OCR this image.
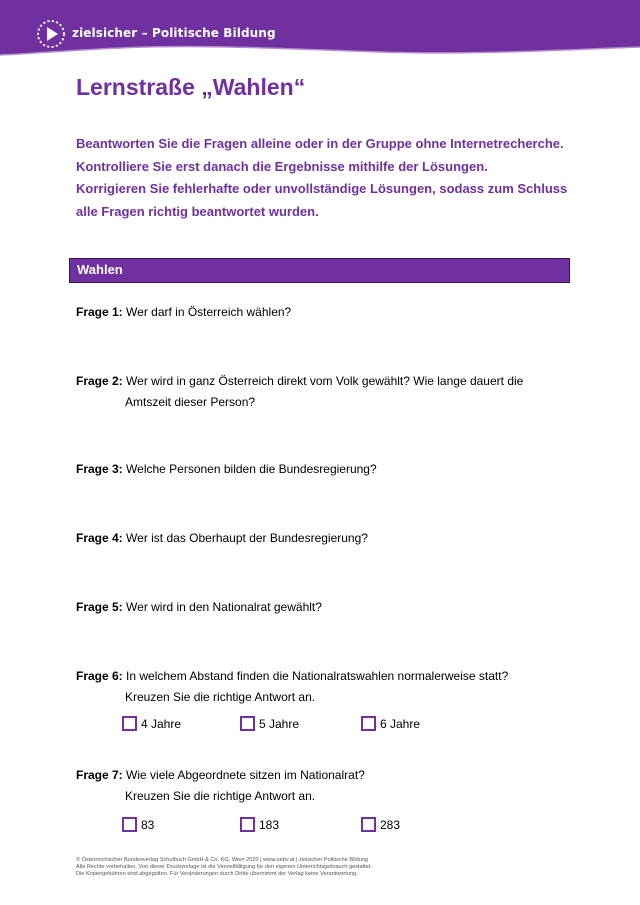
zielsicher – Politische Bildung
Lernstraße „Wahlen“

Beantworten Sie die Fragen alleine oder in der Gruppe ohne Internetrecherche.

Kontrolliere Sie erst danach die Ergebnisse mithilfe der Lösungen.

Korrigieren Sie fehlerhafte oder unvollständige Lösungen, sodass zum Schluss

alle Fragen richtig beantwortet wurden.

Wahlen
Frage 1: Wer darf in Österreich wählen?
Frage 2: Wer wird in ganz Österreich direkt vom Volk gewählt? Wie lange dauert die
Amtszeit dieser Person?
Frage 3: Welche Personen bilden die Bundesregierung?
Frage 4: Wer ist das Oberhaupt der Bundesregierung?
Frage 5: Wer wird in den Nationalrat gewählt?
Frage 6: In welchem Abstand finden die Nationalratswahlen normalerweise statt?
Kreuzen Sie die richtige Antwort an.
4 Jahre	5 Jahre	6 Jahre
Frage 7: Wie viele Abgeordnete sitzen im Nationalrat?
Kreuzen Sie die richtige Antwort an.
83	183	283
© Österreichischer Bundesverlag Schulbuch GmbH & Co. KG, Wien 2020 | www.oebv.at | zielsicher Politische Bildung
Alle Rechte vorbehalten. Von dieser Druckvorlage ist die Vervielfältigung für den eigenen Unterrichtsgebrauch gestattet.
Die Kopiergebühren sind abgegolten. Für Veränderungen durch Dritte übernimmt der Verlag keine Verantwortung.
